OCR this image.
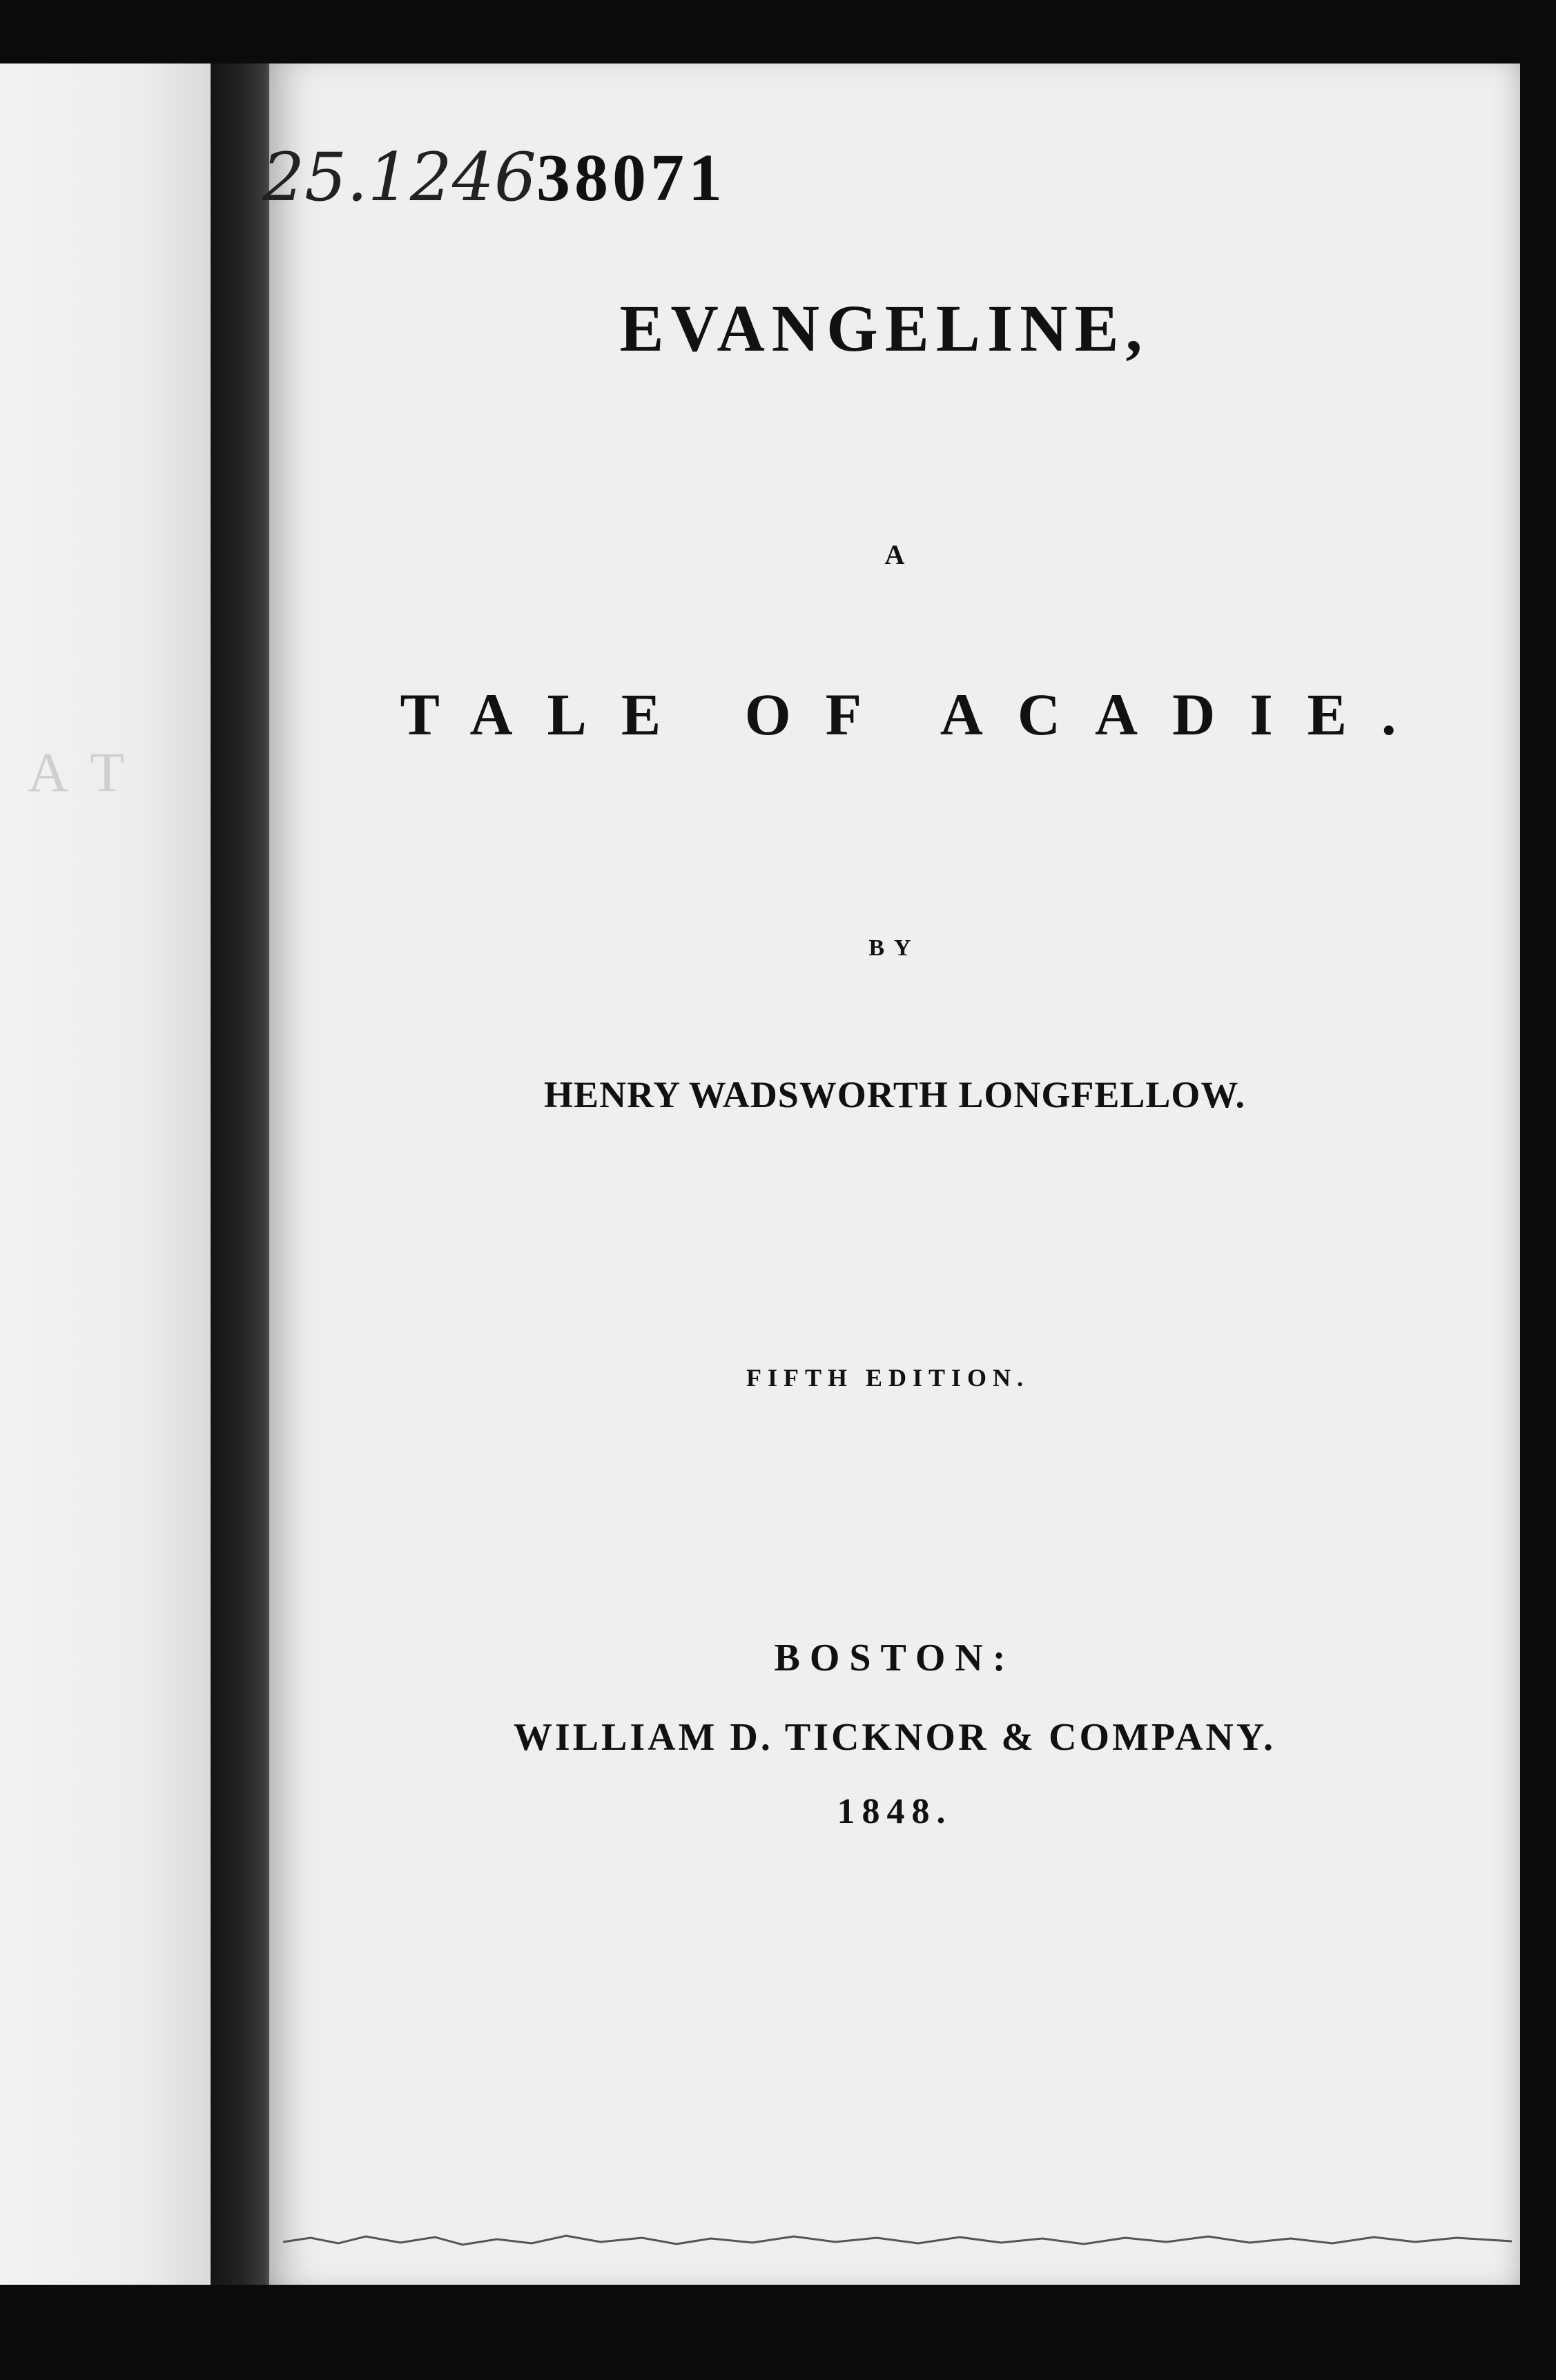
AT
25.124638071
EVANGELINE,
A
TALE OF ACADIE.
BY
HENRY WADSWORTH LONGFELLOW.
FIFTH EDITION.
BOSTON:
WILLIAM D. TICKNOR & COMPANY.
1848.
